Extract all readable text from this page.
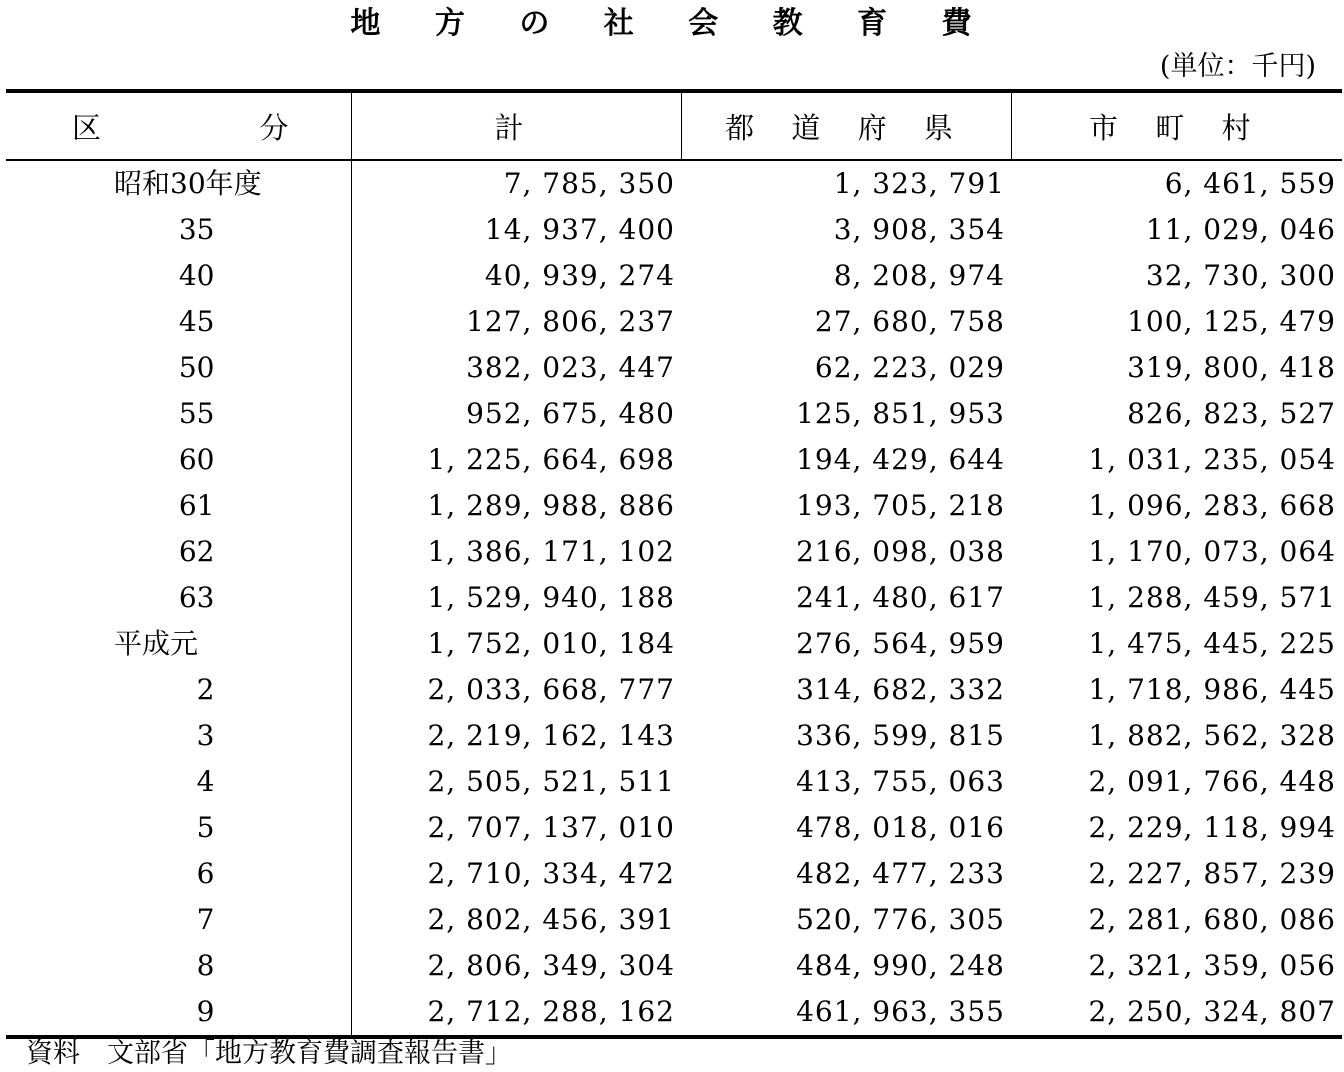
地 方 の 社 会 教 育 費
(単位：千円)
区 分	計	都 道 府 県	市 町 村

昭和30年度	7, 785, 350	1, 323, 791	6, 461, 559

35	14, 937, 400	3, 908, 354	11, 029, 046

40	40, 939, 274	8, 208, 974	32, 730, 300

45	127, 806, 237	27, 680, 758	100, 125, 479

50	382, 023, 447	62, 223, 029	319, 800, 418

55	952, 675, 480	125, 851, 953	826, 823, 527

60	1, 225, 664, 698	194, 429, 644	1, 031, 235, 054

61	1, 289, 988, 886	193, 705, 218	1, 096, 283, 668

62	1, 386, 171, 102	216, 098, 038	1, 170, 073, 064

63	1, 529, 940, 188	241, 480, 617	1, 288, 459, 571

平成元	1, 752, 010, 184	276, 564, 959	1, 475, 445, 225

2	2, 033, 668, 777	314, 682, 332	1, 718, 986, 445

3	2, 219, 162, 143	336, 599, 815	1, 882, 562, 328

4	2, 505, 521, 511	413, 755, 063	2, 091, 766, 448

5	2, 707, 137, 010	478, 018, 016	2, 229, 118, 994

6	2, 710, 334, 472	482, 477, 233	2, 227, 857, 239

7	2, 802, 456, 391	520, 776, 305	2, 281, 680, 086

8	2, 806, 349, 304	484, 990, 248	2, 321, 359, 056

9	2, 712, 288, 162	461, 963, 355	2, 250, 324, 807
資料　文部省「地方教育費調査報告書」
